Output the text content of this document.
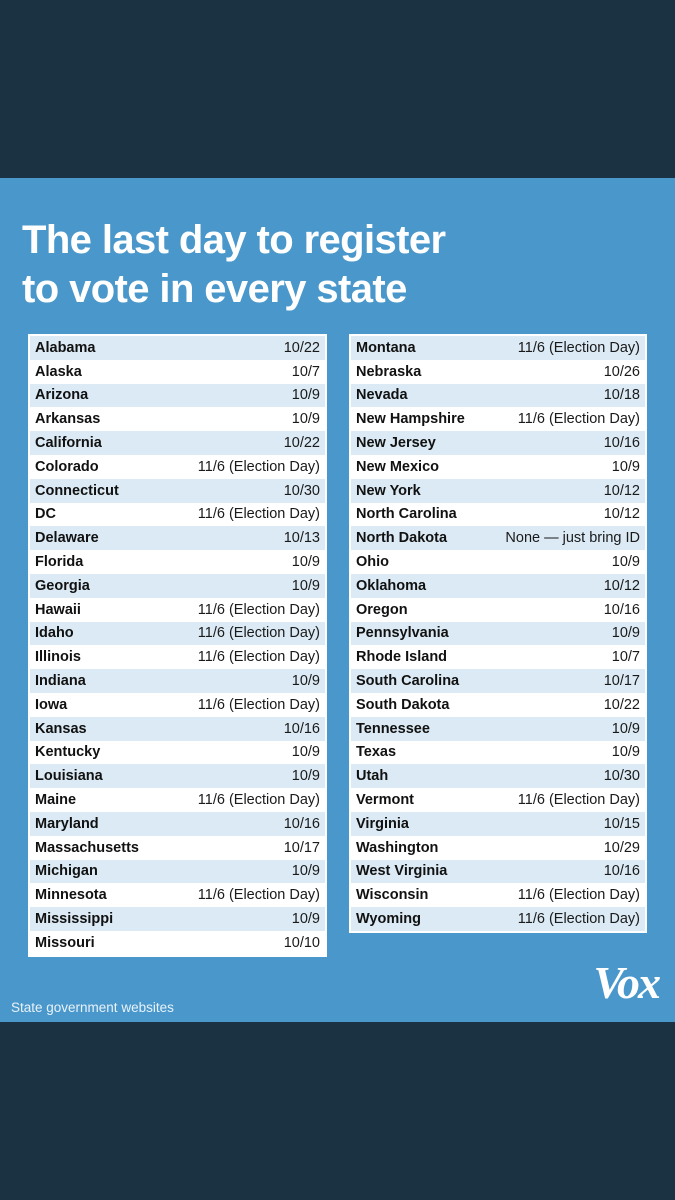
The last day to register
to vote in every state
Alabama	10/22
Alaska	10/7
Arizona	10/9
Arkansas	10/9
California	10/22
Colorado	11/6 (Election Day)
Connecticut	10/30
DC	11/6 (Election Day)
Delaware	10/13
Florida	10/9
Georgia	10/9
Hawaii	11/6 (Election Day)
Idaho	11/6 (Election Day)
Illinois	11/6 (Election Day)
Indiana	10/9
Iowa	11/6 (Election Day)
Kansas	10/16
Kentucky	10/9
Louisiana	10/9
Maine	11/6 (Election Day)
Maryland	10/16
Massachusetts	10/17
Michigan	10/9
Minnesota	11/6 (Election Day)
Mississippi	10/9
Missouri	10/10
Montana	11/6 (Election Day)
Nebraska	10/26
Nevada	10/18
New Hampshire	11/6 (Election Day)
New Jersey	10/16
New Mexico	10/9
New York	10/12
North Carolina	10/12
North Dakota	None — just bring ID
Ohio	10/9
Oklahoma	10/12
Oregon	10/16
Pennsylvania	10/9
Rhode Island	10/7
South Carolina	10/17
South Dakota	10/22
Tennessee	10/9
Texas	10/9
Utah	10/30
Vermont	11/6 (Election Day)
Virginia	10/15
Washington	10/29
West Virginia	10/16
Wisconsin	11/6 (Election Day)
Wyoming	11/6 (Election Day)
State government websites	Vox
